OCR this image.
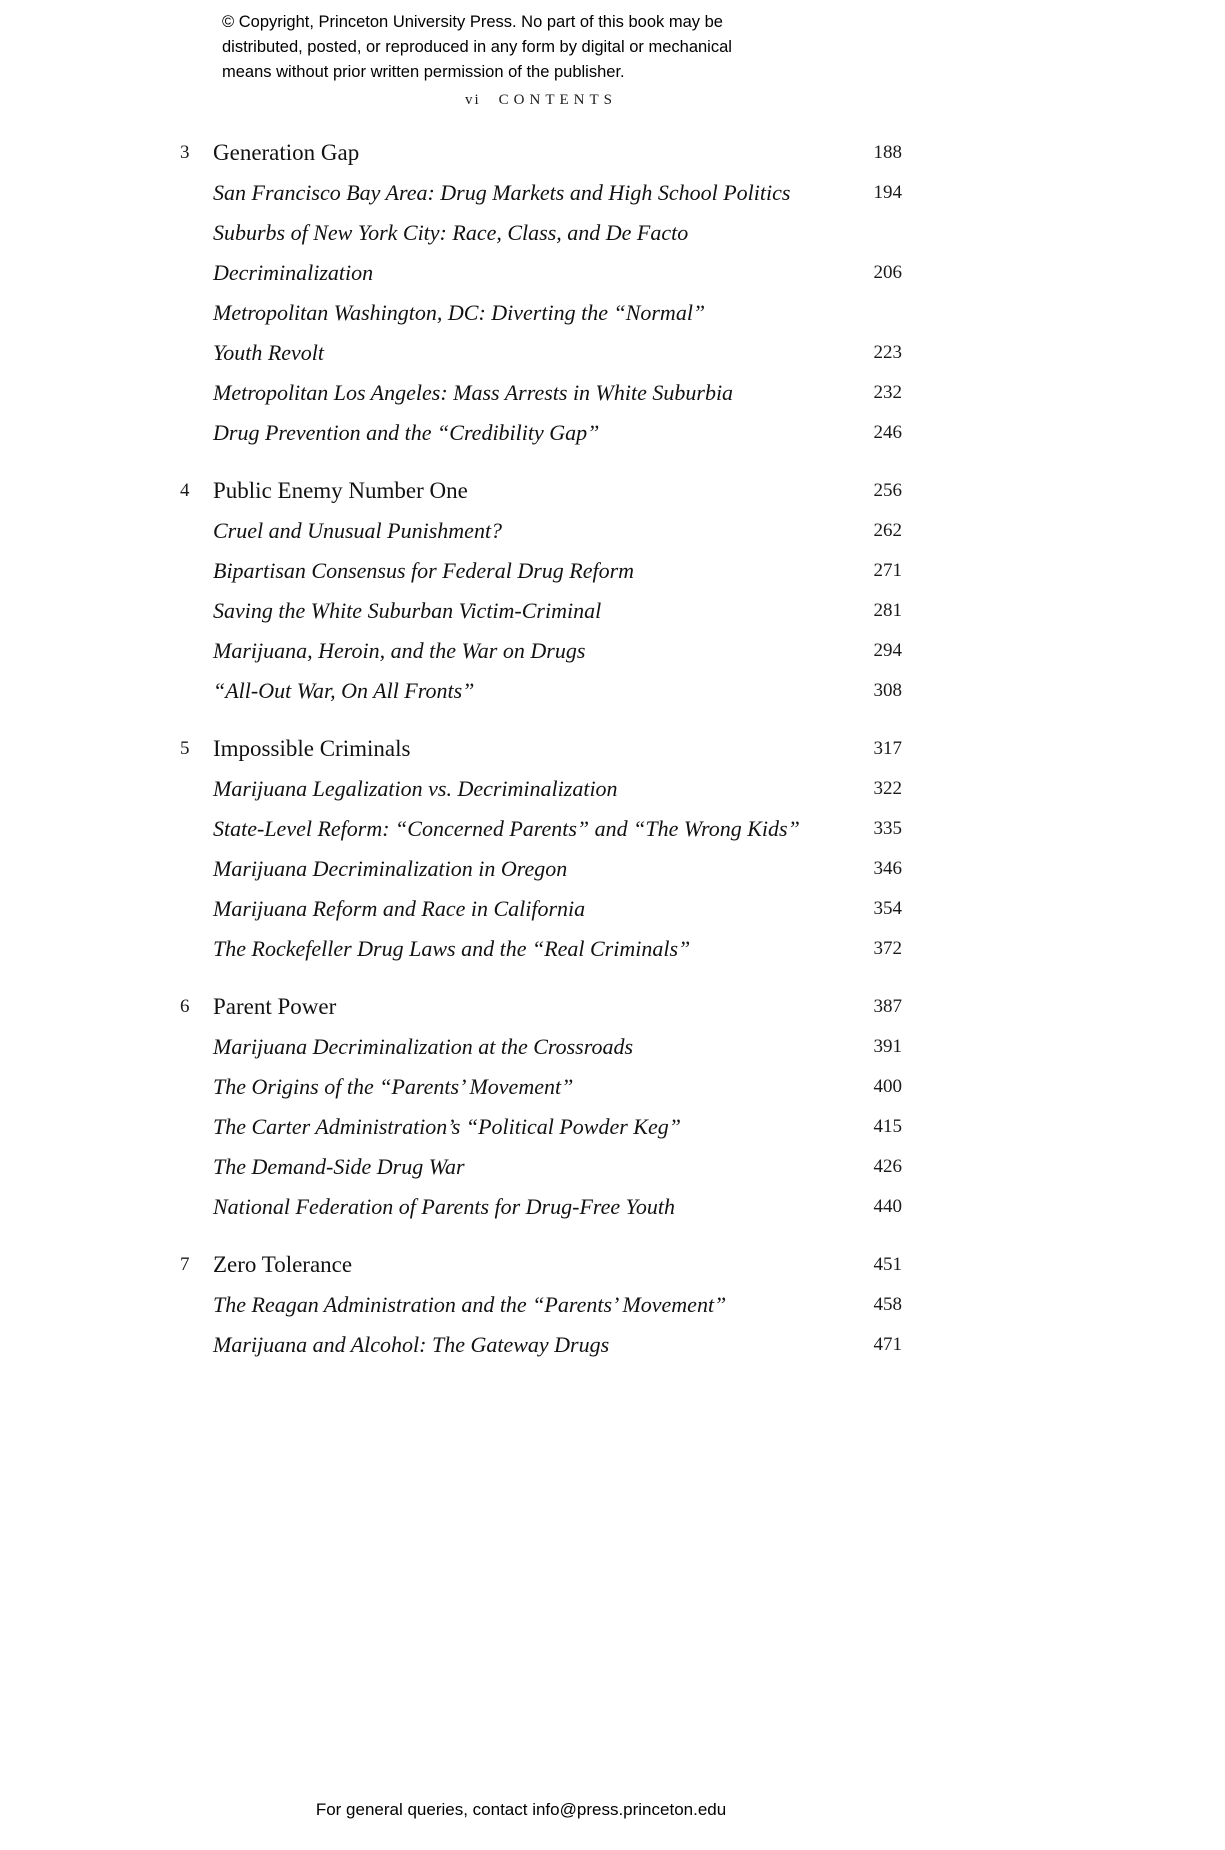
© Copyright, Princeton University Press. No part of this book may be
distributed, posted, or reproduced in any form by digital or mechanical
means without prior written permission of the publisher.
vi CONTENTS
3	Generation Gap	188
San Francisco Bay Area: Drug Markets and High School Politics	194
Suburbs of New York City: Race, Class, and De Facto
Decriminalization	206
Metropolitan Washington, DC: Diverting the “Normal”
Youth Revolt	223
Metropolitan Los Angeles: Mass Arrests in White Suburbia	232
Drug Prevention and the “Credibility Gap”	246
4	Public Enemy Number One	256
Cruel and Unusual Punishment?	262
Bipartisan Consensus for Federal Drug Reform	271
Saving the White Suburban Victim-Criminal	281
Marijuana, Heroin, and the War on Drugs	294
“All-Out War, On All Fronts”	308
5	Impossible Criminals	317
Marijuana Legalization vs. Decriminalization	322
State-Level Reform: “Concerned Parents” and “The Wrong Kids”	335
Marijuana Decriminalization in Oregon	346
Marijuana Reform and Race in California	354
The Rockefeller Drug Laws and the “Real Criminals”	372
6	Parent Power	387
Marijuana Decriminalization at the Crossroads	391
The Origins of the “Parents’ Movement”	400
The Carter Administration’s “Political Powder Keg”	415
The Demand-Side Drug War	426
National Federation of Parents for Drug-Free Youth	440
7	Zero Tolerance	451
The Reagan Administration and the “Parents’ Movement”	458
Marijuana and Alcohol: The Gateway Drugs	471
For general queries, contact info@press.princeton.edu
